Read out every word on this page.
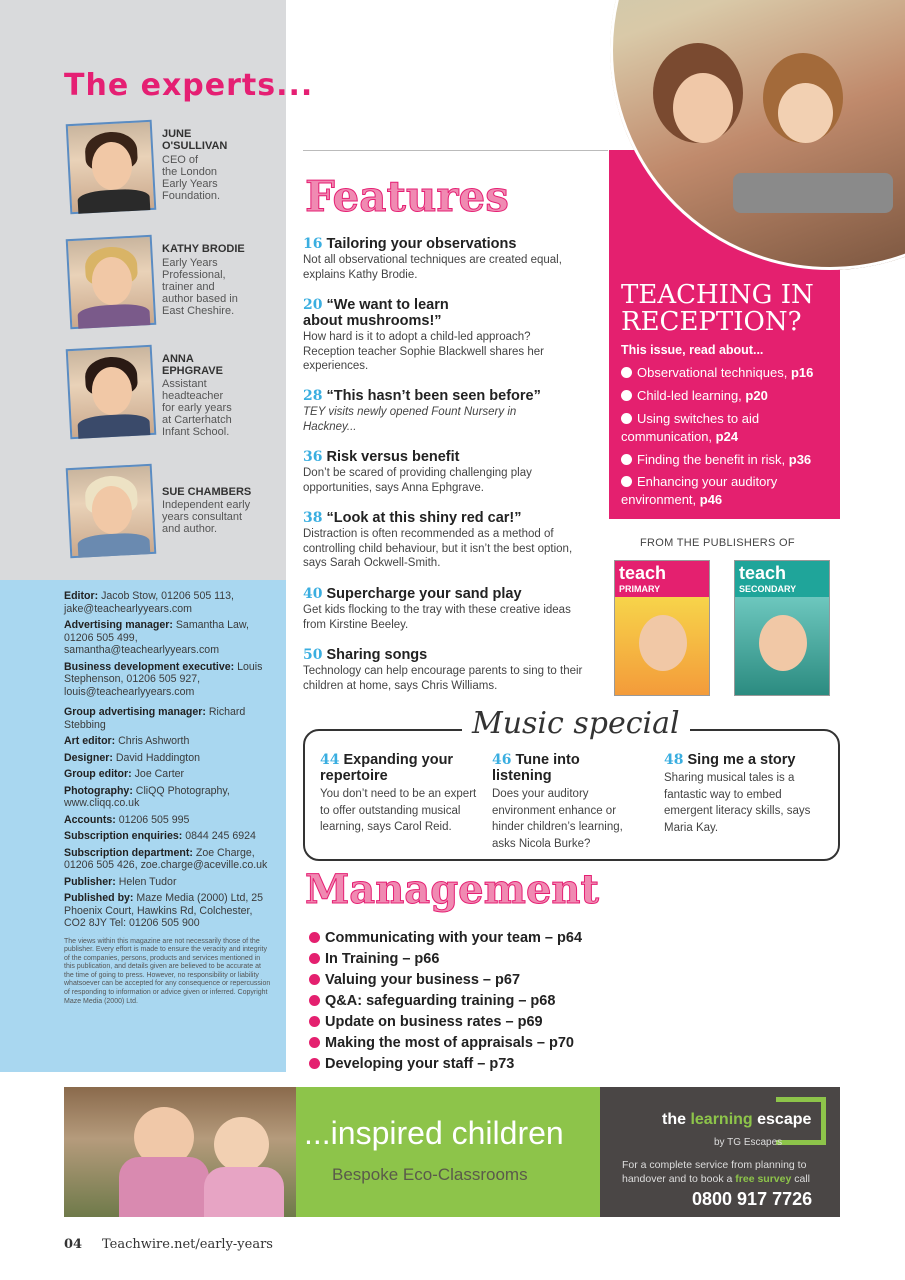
The experts...
JUNE
O'SULLIVAN
CEO of
the London
Early Years
Foundation.
KATHY BRODIE
Early Years
Professional,
trainer and
author based in
East Cheshire.
ANNA
EPHGRAVE
Assistant
headteacher
for early years
at Carterhatch
Infant School.
SUE CHAMBERS
Independent early
years consultant
and author.
Editor: Jacob Stow, 01206 505 113, jake@teachearlyyears.com
Advertising manager: Samantha Law, 01206 505 499, samantha@teachearlyyears.com
Business development executive: Louis Stephenson, 01206 505 927, louis@teachearlyyears.com
Group advertising manager: Richard Stebbing
Art editor: Chris Ashworth
Designer: David Haddington
Group editor: Joe Carter
Photography: CliQQ Photography, www.cliqq.co.uk
Accounts: 01206 505 995
Subscription enquiries: 0844 245 6924
Subscription department: Zoe Charge, 01206 505 426, zoe.charge@aceville.co.uk
Publisher: Helen Tudor
Published by: Maze Media (2000) Ltd, 25 Phoenix Court, Hawkins Rd, Colchester, CO2 8JY Tel: 01206 505 900
The views within this magazine are not necessarily those of the publisher. Every effort is made to ensure the veracity and integrity of the companies, persons, products and services mentioned in this publication, and details given are believed to be accurate at the time of going to press. However, no responsibility or liability whatsoever can be accepted for any consequence or repercussion of responding to information or advice given or inferred. Copyright Maze Media (2000) Ltd.
Features
16 Tailoring your observations
Not all observational techniques are created equal, explains Kathy Brodie.
20 “We want to learn about mushrooms!”
How hard is it to adopt a child-led approach? Reception teacher Sophie Blackwell shares her experiences.
28 “This hasn’t been seen before”
TEY visits newly opened Fount Nursery in Hackney...
36 Risk versus benefit
Don’t be scared of providing challenging play opportunities, says Anna Ephgrave.
38 “Look at this shiny red car!”
Distraction is often recommended as a method of controlling child behaviour, but it isn’t the best option, says Sarah Ockwell-Smith.
40 Supercharge your sand play
Get kids flocking to the tray with these creative ideas from Kirstine Beeley.
50 Sharing songs
Technology can help encourage parents to sing to their children at home, says Chris Williams.
TEACHING IN RECEPTION?
This issue, read about...
Observational techniques, p16
Child-led learning, p20
Using switches to aid communication, p24
Finding the benefit in risk, p36
Enhancing your auditory environment, p46
FROM THE PUBLISHERS OF
teach
PRIMARY
teach
SECONDARY
Music special
44 Expanding your repertoire
You don’t need to be an expert to offer outstanding musical learning, says Carol Reid.
46 Tune into listening
Does your auditory environment enhance or hinder children’s learning, asks Nicola Burke?
48 Sing me a story
Sharing musical tales is a fantastic way to embed emergent literacy skills, says Maria Kay.
Management
Communicating with your team – p64
In Training – p66
Valuing your business – p67
Q&A: safeguarding training – p68
Update on business rates – p69
Making the most of appraisals – p70
Developing your staff – p73
...inspired children
Bespoke Eco-Classrooms
the learning escape
by TG Escapes
For a complete service from planning to
handover and to book a free survey call
0800 917 7726
04 Teachwire.net/early-years
